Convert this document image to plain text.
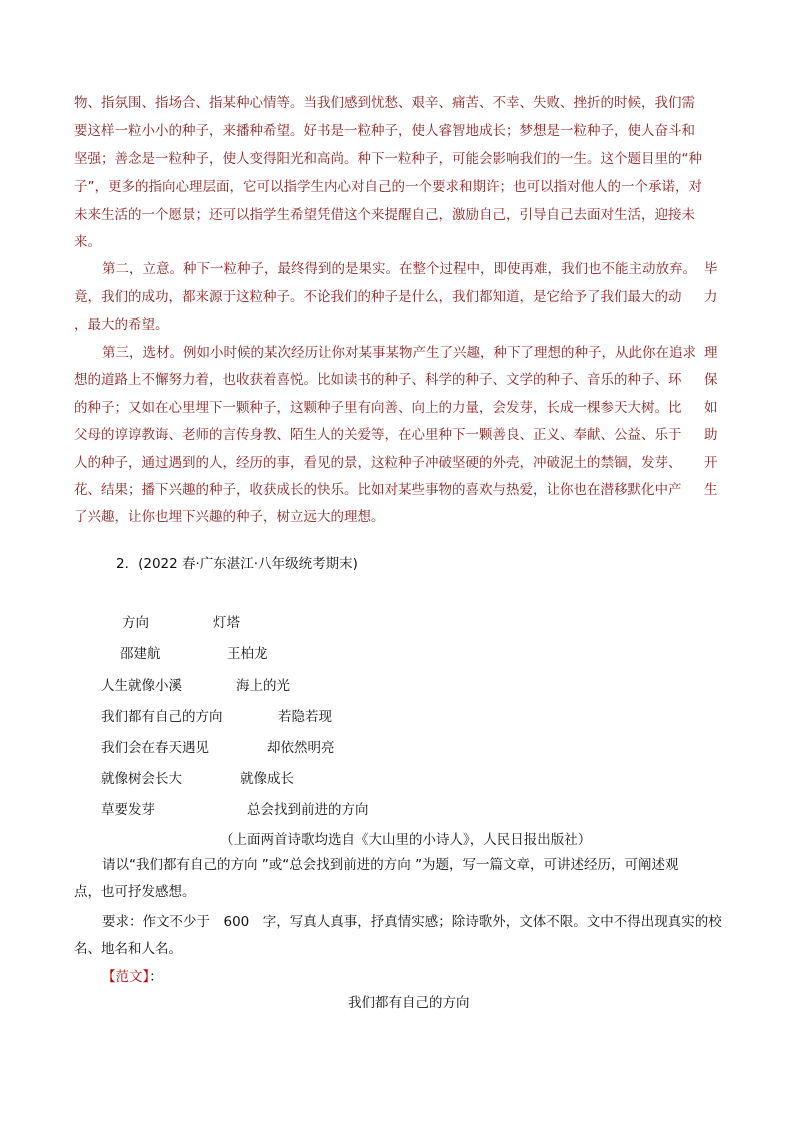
物、指氛围、指场合、指某种心情等。当我们感到忧愁、艰辛、痛苦、不幸、失败、挫折的时候，我们需
要这样一粒小小的种子，来播种希望。好书是一粒种子，使人睿智地成长；梦想是一粒种子，使人奋斗和
坚强；善念是一粒种子，使人变得阳光和高尚。种下一粒种子，可能会影响我们的一生。这个题目里的“种
子”，更多的指向心理层面，它可以指学生内心对自己的一个要求和期许；也可以指对他人的一个承诺，对
未来生活的一个愿景；还可以指学生希望凭借这个来提醒自己，激励自己，引导自己去面对生活，迎接未
来。
第二，立意。种下一粒种子，最终得到的是果实。在整个过程中，即使再难，我们也不能主动放弃。 毕
竟，我们的成功，都来源于这粒种子。不论我们的种子是什么，我们都知道，是它给予了我们最大的动 力
，最大的希望。
第三，选材。例如小时候的某次经历让你对某事某物产生了兴趣，种下了理想的种子，从此你在追求
想的道路上不懈努力着，也收获着喜悦。比如读书的种子、科学的种子、文学的种子、音乐的种子、环
的种子；又如在心里埋下一颗种子，这颗种子里有向善、向上的力量，会发芽，长成一棵参天大树。比
父母的谆谆教诲、老师的言传身教、陌生人的关爱等，在心里种下一颗善良、正义、奉献、公益、乐于
人的种子，通过遇到的人，经历的事，看见的景，这粒种子冲破坚硬的外壳，冲破泥土的禁锢，发芽、
花、结果；播下兴趣的种子，收获成长的快乐。比如对某些事物的喜欢与热爱，让你也在潜移默化中产
了兴趣，让你也埋下兴趣的种子，树立远大的理想。
理
保
如
助
开
生
2．(2022 春·广东湛江·八年级统考期末)
方向	灯塔
邵建航	王柏龙
人生就像小溪	海上的光
我们都有自己的方向	若隐若现
我们会在春天遇见	却依然明亮
就像树会长大	就像成长
草要发芽	总会找到前进的方向
（上面两首诗歌均选自《大山里的小诗人》，人民日报出版社）
请以“我们都有自己的方向 ”或“总会找到前进的方向 ”为题，写一篇文章，可讲述经历，可阐述观
点，也可抒发感想。
要求：作文不少于　600　字，写真人真事，抒真情实感；除诗歌外，文体不限。文中不得出现真实的校
名、地名和人名。
【范文】：
我们都有自己的方向
